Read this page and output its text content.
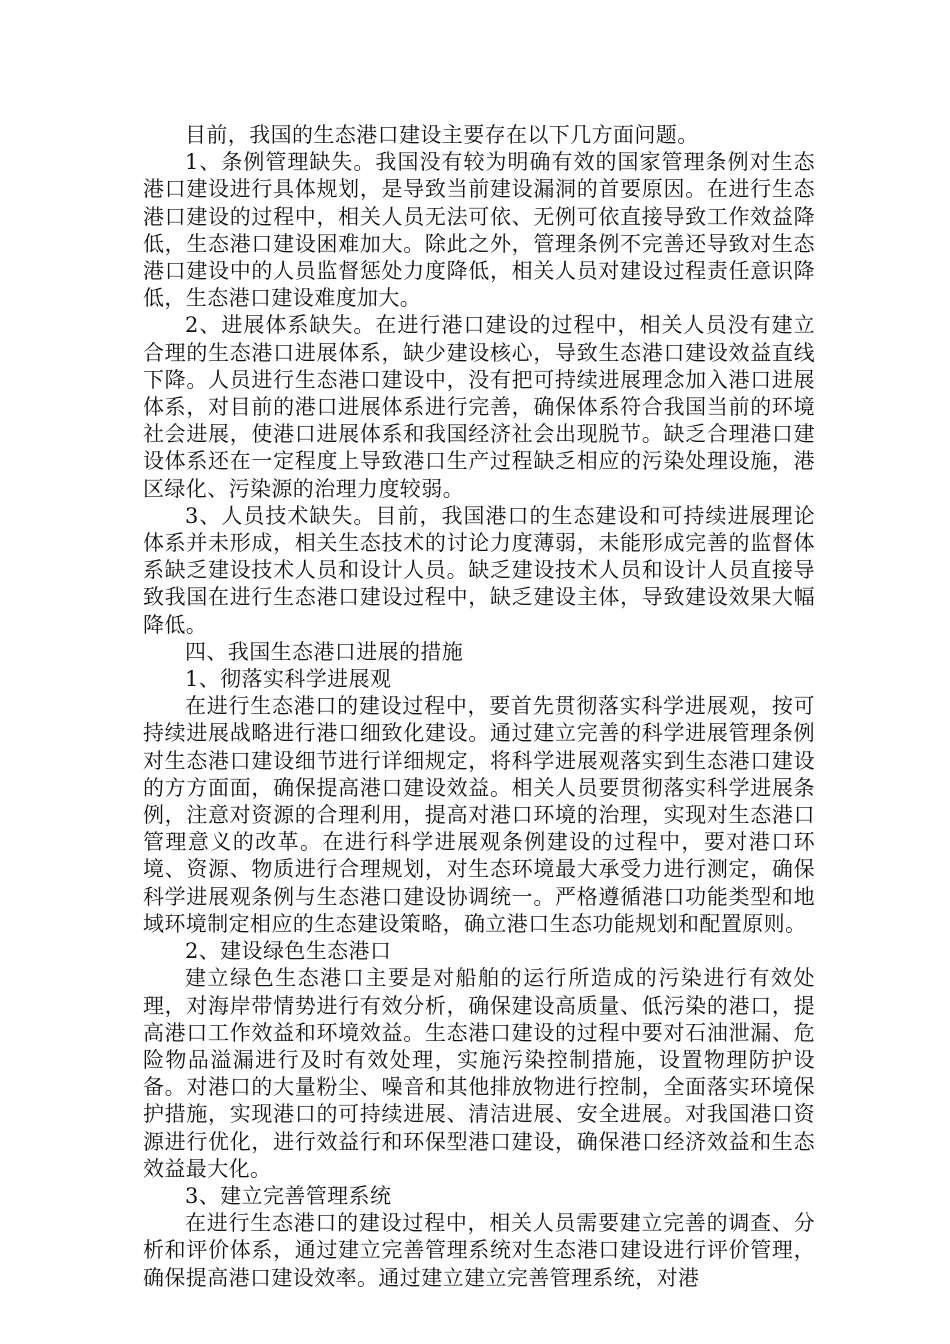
目前，我国的生态港口建设主要存在以下几方面问题。

1、条例管理缺失。我国没有较为明确有效的国家管理条例对生态港口建设进行具体规划，是导致当前建设漏洞的首要原因。在进行生态港口建设的过程中，相关人员无法可依、无例可依直接导致工作效益降低，生态港口建设困难加大。除此之外，管理条例不完善还导致对生态港口建设中的人员监督惩处力度降低，相关人员对建设过程责任意识降低，生态港口建设难度加大。

2、进展体系缺失。在进行港口建设的过程中，相关人员没有建立合理的生态港口进展体系，缺少建设核心，导致生态港口建设效益直线下降。人员进行生态港口建设中，没有把可持续进展理念加入港口进展体系，对目前的港口进展体系进行完善，确保体系符合我国当前的环境社会进展，使港口进展体系和我国经济社会出现脱节。缺乏合理港口建设体系还在一定程度上导致港口生产过程缺乏相应的污染处理设施，港区绿化、污染源的治理力度较弱。

3、人员技术缺失。目前，我国港口的生态建设和可持续进展理论体系并未形成，相关生态技术的讨论力度薄弱，未能形成完善的监督体系缺乏建设技术人员和设计人员。缺乏建设技术人员和设计人员直接导致我国在进行生态港口建设过程中，缺乏建设主体，导致建设效果大幅降低。

四、我国生态港口进展的措施

1、彻落实科学进展观

在进行生态港口的建设过程中，要首先贯彻落实科学进展观，按可持续进展战略进行港口细致化建设。通过建立完善的科学进展管理条例对生态港口建设细节进行详细规定，将科学进展观落实到生态港口建设的方方面面，确保提高港口建设效益。相关人员要贯彻落实科学进展条例，注意对资源的合理利用，提高对港口环境的治理，实现对生态港口管理意义的改革。在进行科学进展观条例建设的过程中，要对港口环境、资源、物质进行合理规划，对生态环境最大承受力进行测定，确保科学进展观条例与生态港口建设协调统一。严格遵循港口功能类型和地域环境制定相应的生态建设策略，确立港口生态功能规划和配置原则。

2、建设绿色生态港口

建立绿色生态港口主要是对船舶的运行所造成的污染进行有效处理，对海岸带情势进行有效分析，确保建设高质量、低污染的港口，提高港口工作效益和环境效益。生态港口建设的过程中要对石油泄漏、危险物品溢漏进行及时有效处理，实施污染控制措施，设置物理防护设备。对港口的大量粉尘、噪音和其他排放物进行控制，全面落实环境保护措施，实现港口的可持续进展、清洁进展、安全进展。对我国港口资源进行优化，进行效益行和环保型港口建设，确保港口经济效益和生态效益最大化。

3、建立完善管理系统

在进行生态港口的建设过程中，相关人员需要建立完善的调查、分析和评价体系，通过建立完善管理系统对生态港口建设进行评价管理，确保提高港口建设效率。通过建立建立完善管理系统，对港
